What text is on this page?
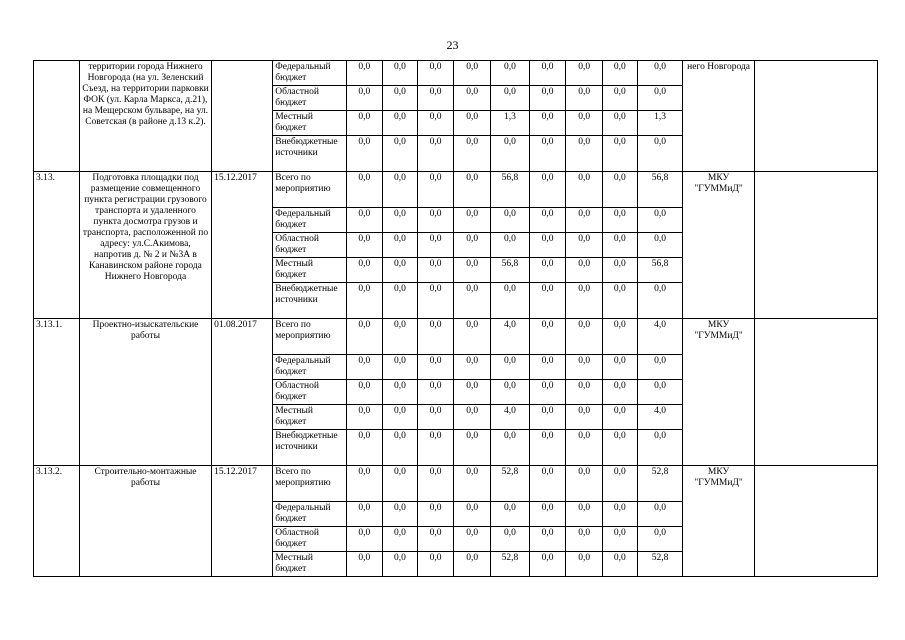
23
	территории города Нижнего Новгорода (на ул. Зеленский Съезд, на территории парковки ФОК (ул. Карла Маркса, д.21), на Мещерском бульваре, на ул. Советская (в районе д.13 к.2).		Федеральный бюджет	0,0	0,0	0,0	0,0	0,0	0,0	0,0	0,0	0,0	него Новгорода	
			Областной бюджет	0,0	0,0	0,0	0,0	0,0	0,0	0,0	0,0	0,0		
			Местный бюджет	0,0	0,0	0,0	0,0	1,3	0,0	0,0	0,0	1,3		
			Внебюджетные источники	0,0	0,0	0,0	0,0	0,0	0,0	0,0	0,0	0,0		
3.13.	Подготовка площадки под размещение совмещенного пункта регистрации грузового транспорта и удаленного пункта досмотра грузов и транспорта, расположенной по адресу: ул.С.Акимова, напротив д. № 2 и №3А в Канавинском районе города Нижнего Новгорода	15.12.2017	Всего по мероприятию	0,0	0,0	0,0	0,0	56,8	0,0	0,0	0,0	56,8	МКУ "ГУММиД"	
			Федеральный бюджет	0,0	0,0	0,0	0,0	0,0	0,0	0,0	0,0	0,0		
			Областной бюджет	0,0	0,0	0,0	0,0	0,0	0,0	0,0	0,0	0,0		
			Местный бюджет	0,0	0,0	0,0	0,0	56,8	0,0	0,0	0,0	56,8		
			Внебюджетные источники	0,0	0,0	0,0	0,0	0,0	0,0	0,0	0,0	0,0		
3.13.1.	Проектно-изыскательские работы	01.08.2017	Всего по мероприятию	0,0	0,0	0,0	0,0	4,0	0,0	0,0	0,0	4,0	МКУ "ГУММиД"	
			Федеральный бюджет	0,0	0,0	0,0	0,0	0,0	0,0	0,0	0,0	0,0		
			Областной бюджет	0,0	0,0	0,0	0,0	0,0	0,0	0,0	0,0	0,0		
			Местный бюджет	0,0	0,0	0,0	0,0	4,0	0,0	0,0	0,0	4,0		
			Внебюджетные источники	0,0	0,0	0,0	0,0	0,0	0,0	0,0	0,0	0,0		
3.13.2.	Строительно-монтажные работы	15.12.2017	Всего по мероприятию	0,0	0,0	0,0	0,0	52,8	0,0	0,0	0,0	52,8	МКУ "ГУММиД"	
			Федеральный бюджет	0,0	0,0	0,0	0,0	0,0	0,0	0,0	0,0	0,0		
			Областной бюджет	0,0	0,0	0,0	0,0	0,0	0,0	0,0	0,0	0,0		
			Местный бюджет	0,0	0,0	0,0	0,0	52,8	0,0	0,0	0,0	52,8		
